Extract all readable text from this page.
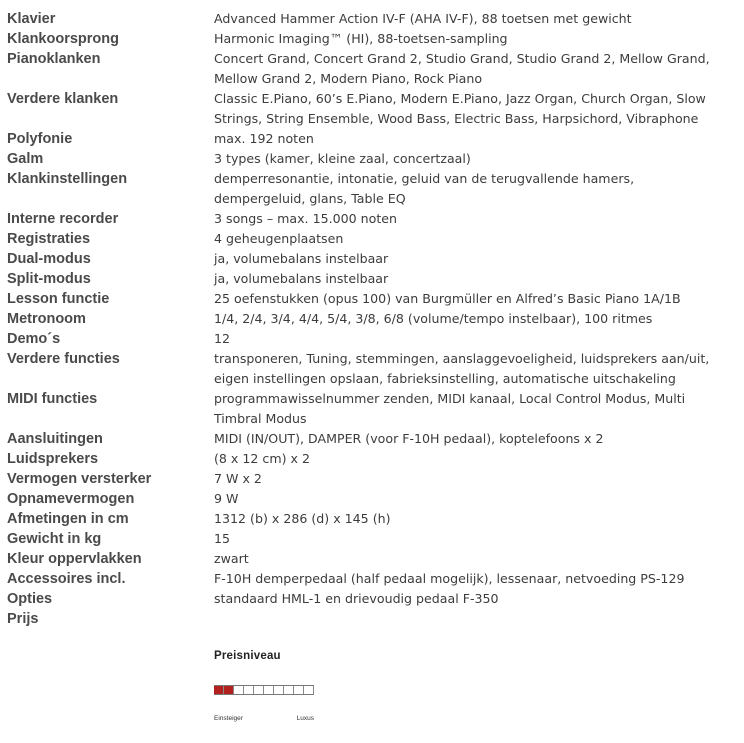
Klavier	Advanced Hammer Action IV-F (AHA IV-F), 88 toetsen met gewicht
Klankoorsprong	Harmonic Imaging™ (HI), 88-toetsen-sampling
Pianoklanken	Concert Grand, Concert Grand 2, Studio Grand, Studio Grand 2, Mellow Grand,
Mellow Grand 2, Modern Piano, Rock Piano
Verdere klanken	Classic E.Piano, 60’s E.Piano, Modern E.Piano, Jazz Organ, Church Organ, Slow
Strings, String Ensemble, Wood Bass, Electric Bass, Harpsichord, Vibraphone
Polyfonie	max. 192 noten
Galm	3 types (kamer, kleine zaal, concertzaal)
Klankinstellingen	demperresonantie, intonatie, geluid van de terugvallende hamers,
dempergeluid, glans, Table EQ
Interne recorder	3 songs – max. 15.000 noten
Registraties	4 geheugenplaatsen
Dual-modus	ja, volumebalans instelbaar
Split-modus	ja, volumebalans instelbaar
Lesson functie	25 oefenstukken (opus 100) van Burgmüller en Alfred’s Basic Piano 1A/1B
Metronoom	1/4, 2/4, 3/4, 4/4, 5/4, 3/8, 6/8 (volume/tempo instelbaar), 100 ritmes
Demo´s	12
Verdere functies	transponeren, Tuning, stemmingen, aanslaggevoeligheid, luidsprekers aan/uit,
eigen instellingen opslaan, fabrieksinstelling, automatische uitschakeling
MIDI functies	programmawisselnummer zenden, MIDI kanaal, Local Control Modus, Multi
Timbral Modus
Aansluitingen	MIDI (IN/OUT), DAMPER (voor F-10H pedaal), koptelefoons x 2
Luidsprekers	(8 x 12 cm) x 2
Vermogen versterker	7 W x 2
Opnamevermogen	9 W
Afmetingen in cm	1312 (b) x 286 (d) x 145 (h)
Gewicht in kg	15
Kleur oppervlakken	zwart
Accessoires incl.	F-10H demperpedaal (half pedaal mogelijk), lessenaar, netvoeding PS-129
Opties	standaard HML-1 en drievoudig pedaal F-350
Prijs

Preisniveau

Einsteiger	Luxus
